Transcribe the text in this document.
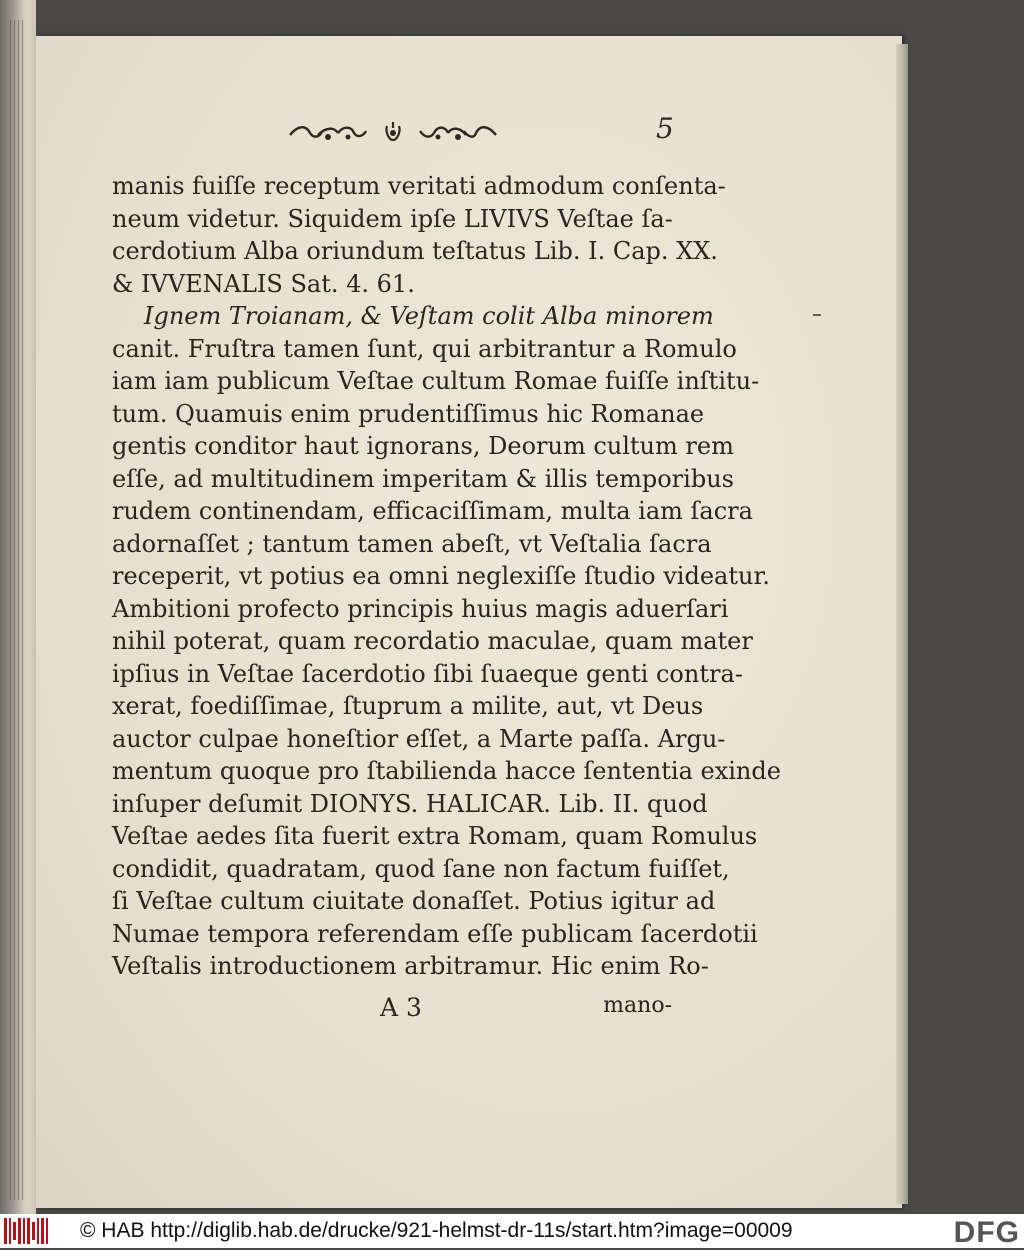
5
manis fuiſſe receptum veritati admodum conſenta-
neum videtur. Siquidem ipſe LIVIVS Veſtae ſa-
cerdotium Alba oriundum teſtatus Lib. I. Cap. XX.
& IVVENALIS Sat. 4. 61.
Ignem Troianam, & Veſtam colit Alba minorem
canit. Fruſtra tamen ſunt, qui arbitrantur a Romulo
iam iam publicum Veſtae cultum Romae fuiſſe inſtitu-
tum. Quamuis enim prudentiſſimus hic Romanae
gentis conditor haut ignorans, Deorum cultum rem
eſſe, ad multitudinem imperitam & illis temporibus
rudem continendam, efficaciſſimam, multa iam ſacra
adornaſſet ; tantum tamen abeſt, vt Veſtalia ſacra
receperit, vt potius ea omni neglexiſſe ſtudio videatur.
Ambitioni profecto principis huius magis aduerſari
nihil poterat, quam recordatio maculae, quam mater
ipſius in Veſtae ſacerdotio ſibi ſuaeque genti contra-
xerat, foediſſimae, ſtuprum a milite, aut, vt Deus
auctor culpae honeſtior eſſet, a Marte paſſa. Argu-
mentum quoque pro ſtabilienda hacce ſententia exinde
inſuper deſumit DIONYS. HALICAR. Lib. II. quod
Veſtae aedes ſita fuerit extra Romam, quam Romulus
condidit, quadratam, quod ſane non factum fuiſſet,
ſi Veſtae cultum ciuitate donaſſet. Potius igitur ad
Numae tempora referendam eſſe publicam ſacerdotii
Veſtalis introductionem arbitramur. Hic enim Ro-
A 3	mano-
© HAB http://diglib.hab.de/drucke/921-helmst-dr-11s/start.htm?image=00009	DFG
